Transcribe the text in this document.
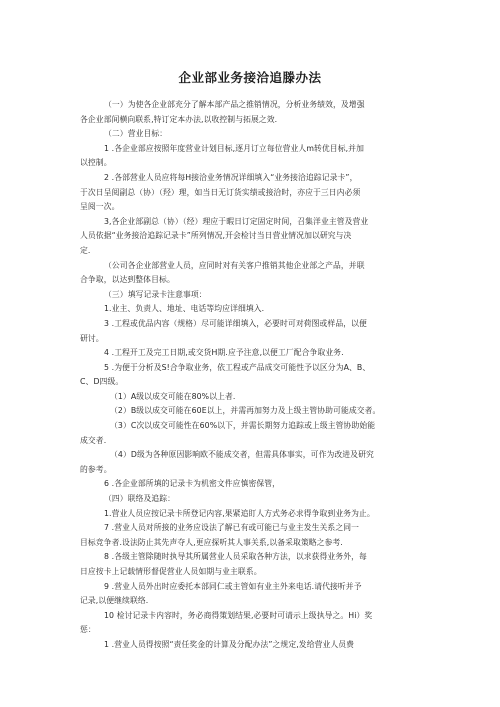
企业部业务接洽追滕办法
（一）为使各企业部充分了解本部产品之推销情况，分析业务绩效，及增强
各企业部间横向联系,特订定本办法,以收控制与拓展之效.
（二）营业目标：
1 .各企业部应按照年度营业计划目标,逐月订立每位营业人m转优目标,并加
以控制。
2 .各部营业人员应将每H接洽业务情况详细填入“业务接洽追踪记录卡”，
于次日呈阅副总（协）（羟）理，如当日无订货实绩或接洽时，亦应于三日内必须
呈阅一次。
3,各企业部副总（协）（经）理应于暇日订定固定时间，召集洋业主管及营业
人员依据“业务接洽追踪记录卡”所列情况,开会检讨当日营业情况加以研究与决
定.
（公司各企业部营业人员，应同时对有关客户推销其他企业部之产品，并联
合争取，以达到整体目标。
（三）填写记录卡注意事项：
1.业主、负责人、地址、电话等均应详细填入.
3 .工程或优品内容（规格）尽可能详细填入，必要时可对荷图或样品，以便
研讨。
4 .工程开工及完工日期,或交货H期.应予注意,以便工厂配合争取业务.
5 .为便于分析及S!合争取业务，依工程或产品成交可能性予以区分为A、B、
C、D四级。
（1）A级以成交可能在80%以上者.
（2）B级以成交可能在60E以上，并需再加努力及上级主管协助可能成交者。
（3）C次以成交可能性在60%以下，并需长期努力追踪或上级主管协助始能
成交者.
（4）D级为各种原因影响欧不能成交者，但需具体事实，可作为改进及研究
的参考。
6 .各企业部所填的记录卡为机密文件应慎密保管，
（四）联络及追踪：
1.营业人员应按记录卡所登记内容,果紧追盯人方式务必求得争取到业务为止。
7 .营业人员对所接的业务应设法了解已有或可能已与业主发生关系之同一
目标竞争者.设法防止其先声夺人,更应探听其人事关系,以备采取策略之参考.
8 .各级主管除随时执导其所属营业人员采取各种方法，以求获得业务外，每
日应按卡上记载情形督促营业人员如期与业主联系。
9 .营业人员外出时应委托本部同仁或主管如有业主外来电话.请代接听并予
记录,以便继续联络.
10 检讨记录卡内容时，务必商得策划结果,必要时可请示上级执导之。Hi）奖
惩：
1 .营业人员得按照“责任奖金的计算及分配办法”之规定,发给营业人员费
